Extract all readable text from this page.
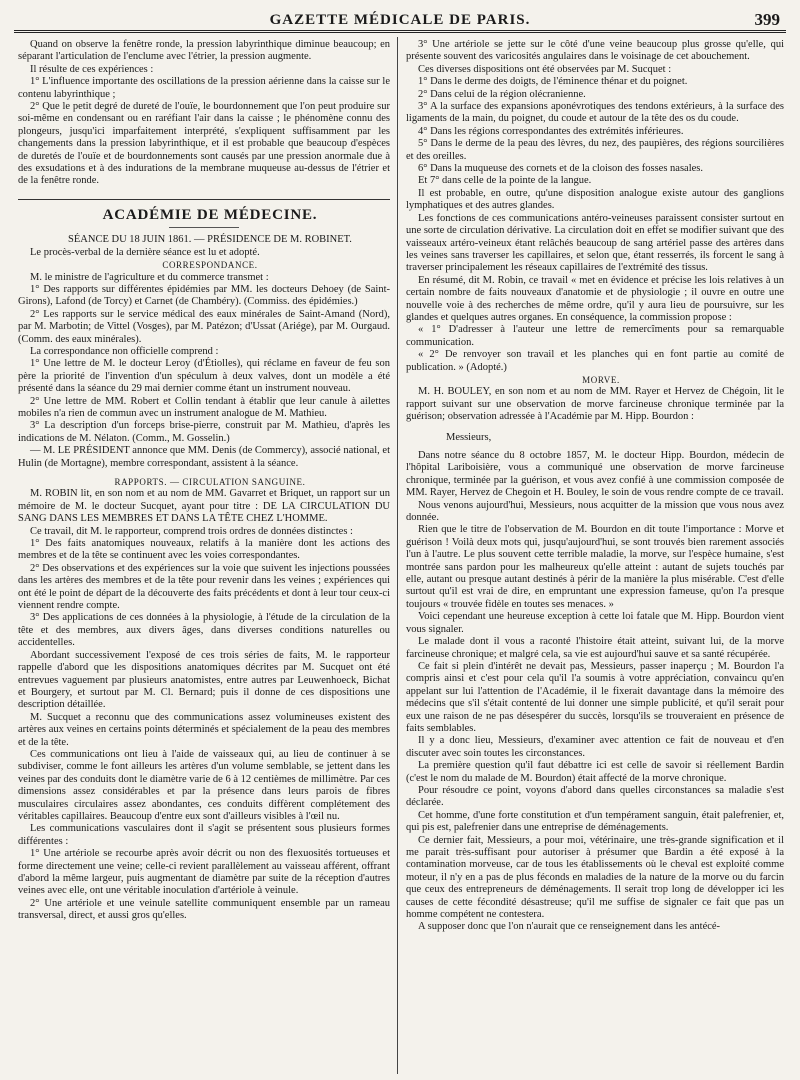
GAZETTE MÉDICALE DE PARIS.	399

Quand on observe la fenêtre ronde, la pression labyrinthique diminue beaucoup; en séparant l'articulation de l'enclume avec l'étrier, la pression augmente.

Il résulte de ces expériences :

1° L'influence importante des oscillations de la pression aérienne dans la caisse sur le contenu labyrinthique ;

2° Que le petit degré de dureté de l'ouïe, le bourdonnement que l'on peut produire sur soi-même en condensant ou en raréfiant l'air dans la caisse ; le phénomène connu des plongeurs, jusqu'ici imparfaitement interprété, s'expliquent suffisamment par les changements dans la pression labyrinthique, et il est probable que beaucoup d'espèces de duretés de l'ouïe et de bourdonnements sont causés par une pression anormale due à des exsudations et à des indurations de la membrane muqueuse au-dessus de l'étrier et de la fenêtre ronde.

ACADÉMIE DE MÉDECINE.

SÉANCE DU 18 JUIN 1861. — PRÉSIDENCE DE M. ROBINET.

Le procès-verbal de la dernière séance est lu et adopté.

CORRESPONDANCE.

M. le ministre de l'agriculture et du commerce transmet :

1° Des rapports sur différentes épidémies par MM. les docteurs Dehoey (de Saint-Girons), Lafond (de Torcy) et Carnet (de Chambéry). (Commiss. des épidémies.)

2° Les rapports sur le service médical des eaux minérales de Saint-Amand (Nord), par M. Marbotin; de Vittel (Vosges), par M. Patézon; d'Ussat (Ariége), par M. Ourgaud. (Comm. des eaux minérales).

La correspondance non officielle comprend :

1° Une lettre de M. le docteur Leroy (d'Étiolles), qui réclame en faveur de feu son père la priorité de l'invention d'un spéculum à deux valves, dont un modèle a été présenté dans la séance du 29 mai dernier comme étant un instrument nouveau.

2° Une lettre de MM. Robert et Collin tendant à établir que leur canule à ailettes mobiles n'a rien de commun avec un instrument analogue de M. Mathieu.

3° La description d'un forceps brise-pierre, construit par M. Mathieu, d'après les indications de M. Nélaton. (Comm., M. Gosselin.)

— M. LE PRÉSIDENT annonce que MM. Denis (de Commercy), associé national, et Hulin (de Mortagne), membre correspondant, assistent à la séance.

RAPPORTS. — CIRCULATION SANGUINE.

M. ROBIN lit, en son nom et au nom de MM. Gavarret et Briquet, un rapport sur un mémoire de M. le docteur Sucquet, ayant pour titre : DE LA CIRCULATION DU SANG DANS LES MEMBRES ET DANS LA TÊTE CHEZ L'HOMME.

Ce travail, dit M. le rapporteur, comprend trois ordres de données distinctes :

1° Des faits anatomiques nouveaux, relatifs à la manière dont les actions des membres et de la tête se continuent avec les voies correspondantes.

2° Des observations et des expériences sur la voie que suivent les injections poussées dans les artères des membres et de la tête pour revenir dans les veines ; expériences qui ont été le point de départ de la découverte des faits précédents et dont à leur tour ceux-ci viennent rendre compte.

3° Des applications de ces données à la physiologie, à l'étude de la circulation de la tête et des membres, aux divers âges, dans diverses conditions naturelles ou accidentelles.

Abordant successivement l'exposé de ces trois séries de faits, M. le rapporteur rappelle d'abord que les dispositions anatomiques décrites par M. Sucquet ont été entrevues vaguement par plusieurs anatomistes, entre autres par Leuwenhoeck, Bichat et Bourgery, et surtout par M. Cl. Bernard; puis il donne de ces dispositions une description détaillée.

M. Sucquet a reconnu que des communications assez volumineuses existent des artères aux veines en certains points déterminés et spécialement de la peau des membres et de la tête.

Ces communications ont lieu à l'aide de vaisseaux qui, au lieu de continuer à se subdiviser, comme le font ailleurs les artères d'un volume semblable, se jettent dans les veines par des conduits dont le diamètre varie de 6 à 12 centièmes de millimètre. Par ces dimensions assez considérables et par la présence dans leurs parois de fibres musculaires circulaires assez abondantes, ces conduits diffèrent complétement des véritables capillaires. Beaucoup d'entre eux sont d'ailleurs visibles à l'œil nu.

Les communications vasculaires dont il s'agit se présentent sous plusieurs formes différentes :

1° Une artériole se recourbe après avoir décrit ou non des flexuosités tortueuses et forme directement une veine; celle-ci revient parallèlement au vaisseau afférent, offrant d'abord la même largeur, puis augmentant de diamètre par suite de la réception d'autres veines avec elle, ont une véritable inoculation d'artériole à veinule.

2° Une artériole et une veinule satellite communiquent ensemble par un rameau transversal, direct, et aussi gros qu'elles.

3° Une artériole se jette sur le côté d'une veine beaucoup plus grosse qu'elle, qui présente souvent des varicosités angulaires dans le voisinage de cet abouchement.

Ces diverses dispositions ont été observées par M. Sucquet :

1° Dans le derme des doigts, de l'éminence thénar et du poignet.

2° Dans celui de la région olécranienne.

3° A la surface des expansions aponévrotiques des tendons extérieurs, à la surface des ligaments de la main, du poignet, du coude et autour de la tête des os du coude.

4° Dans les régions correspondantes des extrémités inférieures.

5° Dans le derme de la peau des lèvres, du nez, des paupières, des régions sourcilières et des oreilles.

6° Dans la muqueuse des cornets et de la cloison des fosses nasales.

Et 7° dans celle de la pointe de la langue.

Il est probable, en outre, qu'une disposition analogue existe autour des ganglions lymphatiques et des autres glandes.

Les fonctions de ces communications antéro-veineuses paraissent consister surtout en une sorte de circulation dérivative. La circulation doit en effet se modifier suivant que des vaisseaux artéro-veineux étant relâchés beaucoup de sang artériel passe des artères dans les veines sans traverser les capillaires, et selon que, étant resserrés, ils forcent le sang à traverser principalement les réseaux capillaires de l'extrémité des tissus.

En résumé, dit M. Robin, ce travail « met en évidence et précise les lois relatives à un certain nombre de faits nouveaux d'anatomie et de physiologie ; il ouvre en outre une nouvelle voie à des recherches de même ordre, qu'il y aura lieu de poursuivre, sur les glandes et quelques autres organes. En conséquence, la commission propose :

« 1° D'adresser à l'auteur une lettre de remercîments pour sa remarquable communication.

« 2° De renvoyer son travail et les planches qui en font partie au comité de publication. » (Adopté.)

MORVE.

M. H. BOULEY, en son nom et au nom de MM. Rayer et Hervez de Chégoin, lit le rapport suivant sur une observation de morve farcineuse chronique terminée par la guérison; observation adressée à l'Académie par M. Hipp. Bourdon :

Messieurs,

Dans notre séance du 8 octobre 1857, M. le docteur Hipp. Bourdon, médecin de l'hôpital Lariboisière, vous a communiqué une observation de morve farcineuse chronique, terminée par la guérison, et vous avez confié à une commission composée de MM. Rayer, Hervez de Chegoin et H. Bouley, le soin de vous rendre compte de ce travail.

Nous venons aujourd'hui, Messieurs, nous acquitter de la mission que vous nous avez donnée.

Rien que le titre de l'observation de M. Bourdon en dit toute l'importance : Morve et guérison ! Voilà deux mots qui, jusqu'aujourd'hui, se sont trouvés bien rarement associés l'un à l'autre. Le plus souvent cette terrible maladie, la morve, sur l'espèce humaine, s'est montrée sans pardon pour les malheureux qu'elle atteint : autant de sujets touchés par elle, autant ou presque autant destinés à périr de la manière la plus misérable. C'est d'elle surtout qu'il est vrai de dire, en empruntant une expression fameuse, qu'on l'a presque toujours « trouvée fidèle en toutes ses menaces. »

Voici cependant une heureuse exception à cette loi fatale que M. Hipp. Bourdon vient vous signaler.

Le malade dont il vous a raconté l'histoire était atteint, suivant lui, de la morve farcineuse chronique; et malgré cela, sa vie est aujourd'hui sauve et sa santé récupérée.

Ce fait si plein d'intérêt ne devait pas, Messieurs, passer inaperçu ; M. Bourdon l'a compris ainsi et c'est pour cela qu'il l'a soumis à votre appréciation, convaincu qu'en appelant sur lui l'attention de l'Académie, il le fixerait davantage dans la mémoire des médecins que s'il s'était contenté de lui donner une simple publicité, et qu'il serait pour eux une raison de ne pas désespérer du succès, lorsqu'ils se trouveraient en présence de faits semblables.

Il y a donc lieu, Messieurs, d'examiner avec attention ce fait de nouveau et d'en discuter avec soin toutes les circonstances.

La première question qu'il faut débattre ici est celle de savoir si réellement Bardin (c'est le nom du malade de M. Bourdon) était affecté de la morve chronique.

Pour résoudre ce point, voyons d'abord dans quelles circonstances sa maladie s'est déclarée.

Cet homme, d'une forte constitution et d'un tempérament sanguin, était palefrenier, et, qui pis est, palefrenier dans une entreprise de déménagements.

Ce dernier fait, Messieurs, a pour moi, vétérinaire, une très-grande signification et il me parait très-suffisant pour autoriser à présumer que Bardin a été exposé à la contamination morveuse, car de tous les établissements où le cheval est exploité comme moteur, il n'y en a pas de plus féconds en maladies de la nature de la morve ou du farcin que ceux des entrepreneurs de déménagements. Il serait trop long de développer ici les causes de cette fécondité désastreuse; qu'il me suffise de signaler ce fait que pas un homme compétent ne contestera.

A supposer donc que l'on n'aurait que ce renseignement dans les antécé-
